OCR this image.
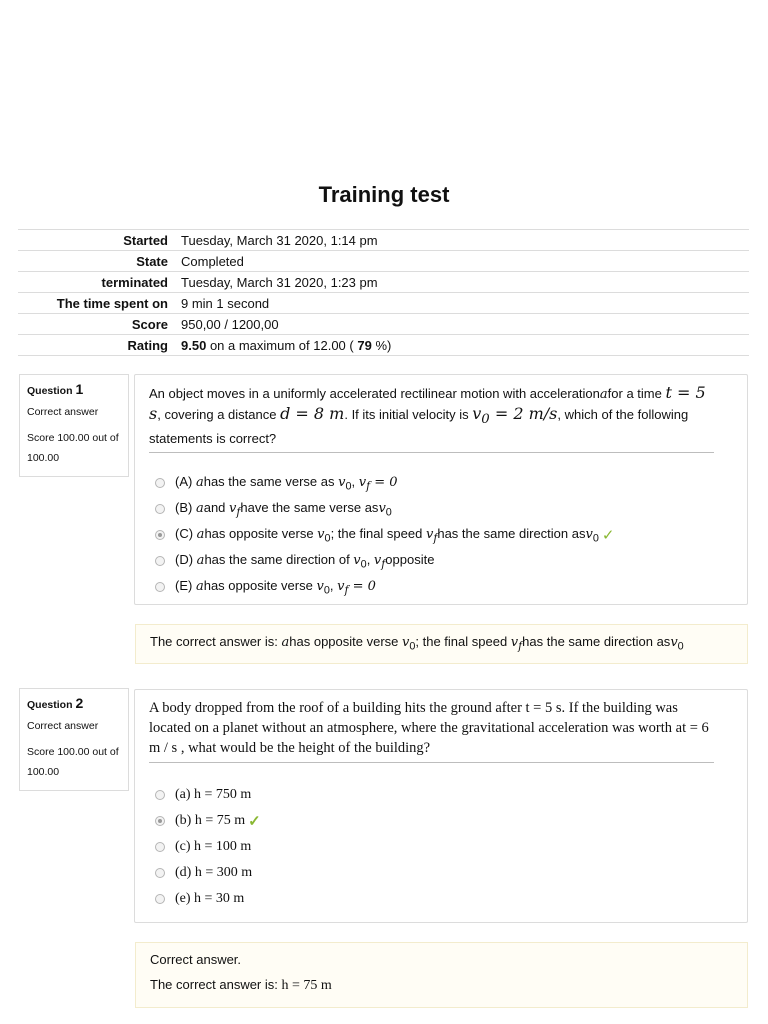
Training test
Started	Tuesday, March 31 2020, 1:14 pm
State	Completed
terminated	Tuesday, March 31 2020, 1:23 pm
The time spent on	9 min 1 second
Score	950,00 / 1200,00
Rating	9.50 on a maximum of 12.00 ( 79 %)
Question 1
Correct answer
Score 100.00 out of 100.00
An object moves in a uniformly accelerated rectilinear motion with accelerationafor a time t = 5 s, covering a distance d = 8 m. If its initial velocity is $v_0 = 2$ m/s, which of the following statements is correct?
(A) ahas the same verse as $v_0$, $v_f = 0$
(B) aand $v_fhave$ the same verse asv$_0$
(C) ahas opposite verse $v_0$; the final speed $v_fhas$ the same direction asv$_0$ ✓
(D) ahas the same direction of $v_0$, $v_fopposite$
(E) ahas opposite verse $v_0$, $v_f = 0$
The correct answer is: ahas opposite verse $v_0$; the final speed $v_fhas$ the same direction asv$_0$
Question 2
Correct answer
Score 100.00 out of 100.00
A body dropped from the roof of a building hits the ground after t = 5 s. If the building was located on a planet without an atmosphere, where the gravitational acceleration was worth at = 6 m / s , what would be the height of the building?
(a) h = 750 m
(b) h = 75 m ✓
(c) h = 100 m
(d) h = 300 m
(e) h = 30 m
Correct answer.
The correct answer is: h = 75 m
